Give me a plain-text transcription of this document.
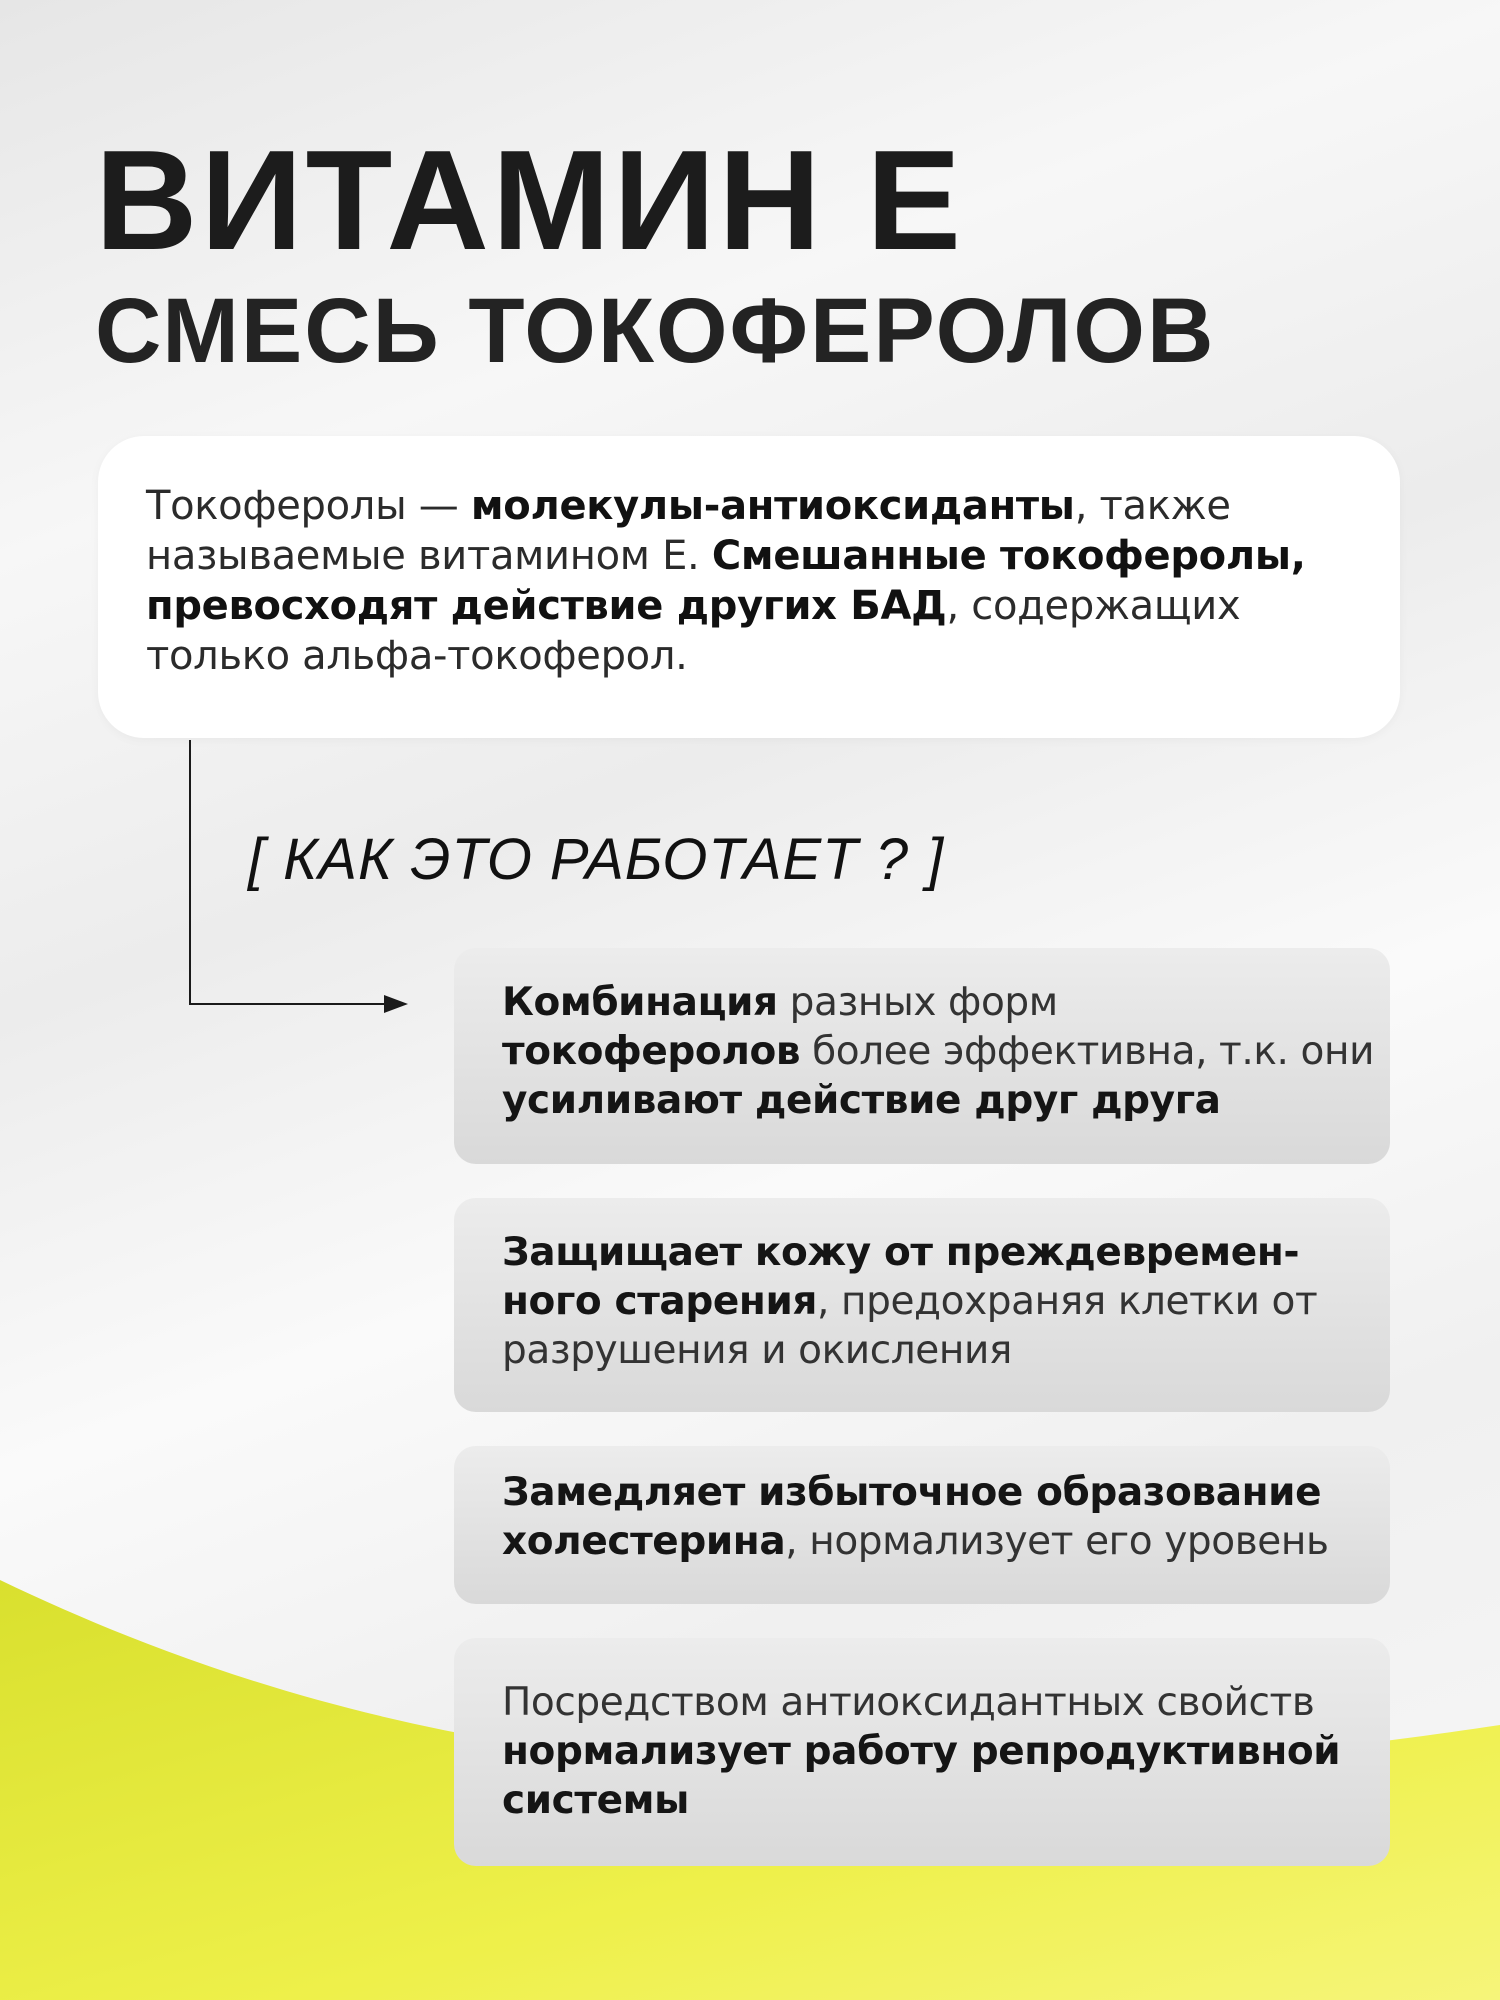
ВИТАМИН Е
СМЕСЬ ТОКОФЕРОЛОВ

Токоферолы — молекулы-антиоксиданты, также называемые витамином Е. Смешанные токоферолы, превосходят действие других БАД, содержащих только альфа-токоферол.

[ КАК ЭТО РАБОТАЕТ ? ]

Комбинация разных форм
токоферолов более эффективна, т.к. они усиливают действие друг друга

Защищает кожу от преждевремен-ного старения, предохраняя клетки от разрушения и окисления

Замедляет избыточное образование холестерина, нормализует его уровень

Посредством антиоксидантных свойств нормализует работу репродуктивной системы
